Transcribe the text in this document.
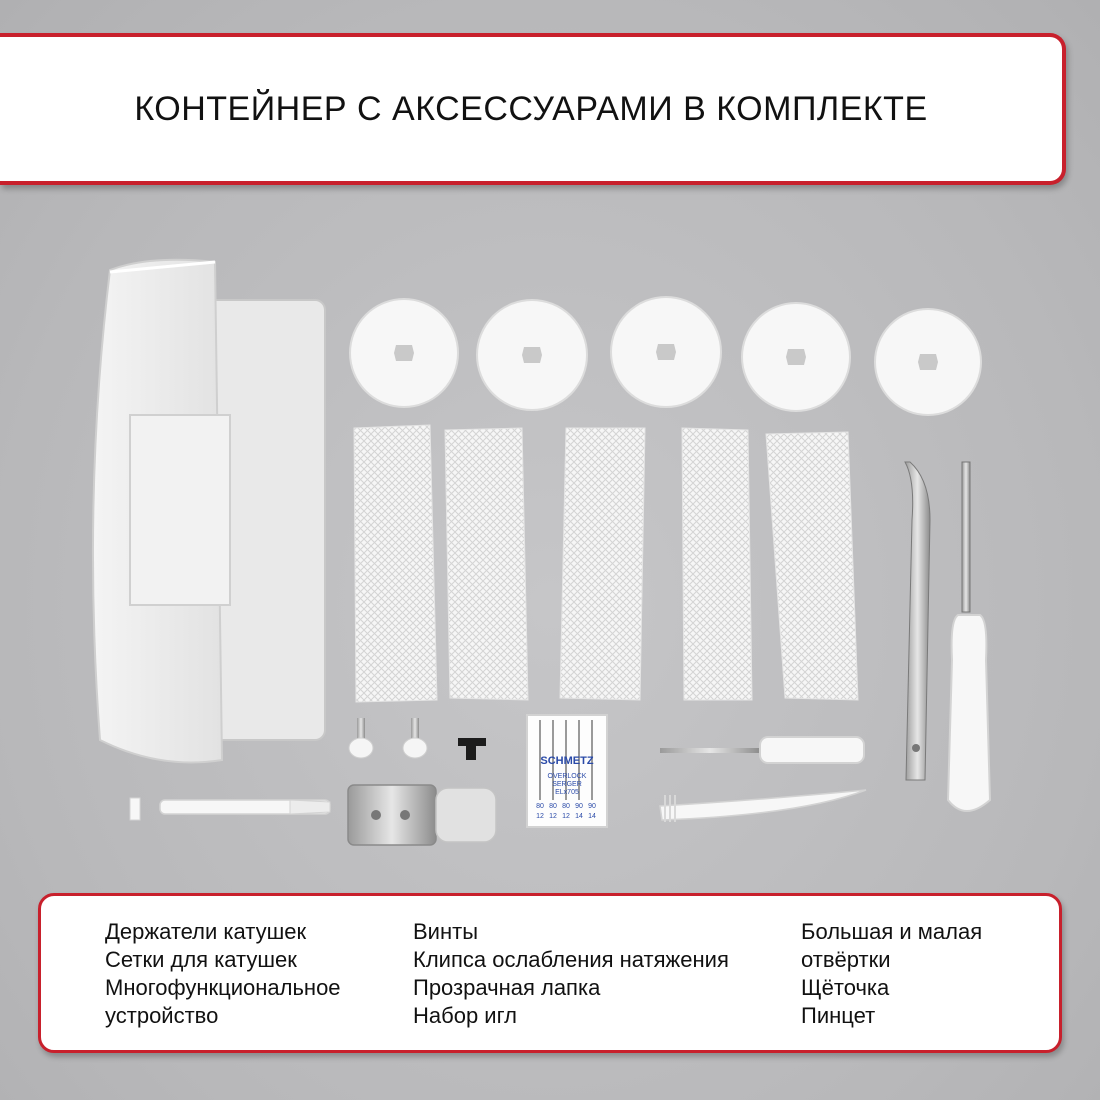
SCHMETZ
OVERLOCK
SERGER
ELx705
80 80 80 90 90
12 12 12 14 14
КОНТЕЙНЕР С АКСЕССУАРАМИ В КОМПЛЕКТЕ
Держатели катушек
Сетки для катушек
Многофункциональное
устройство
Винты
Клипса ослабления натяжения
Прозрачная лапка
Набор игл
Большая и малая
отвёртки
Щёточка
Пинцет
